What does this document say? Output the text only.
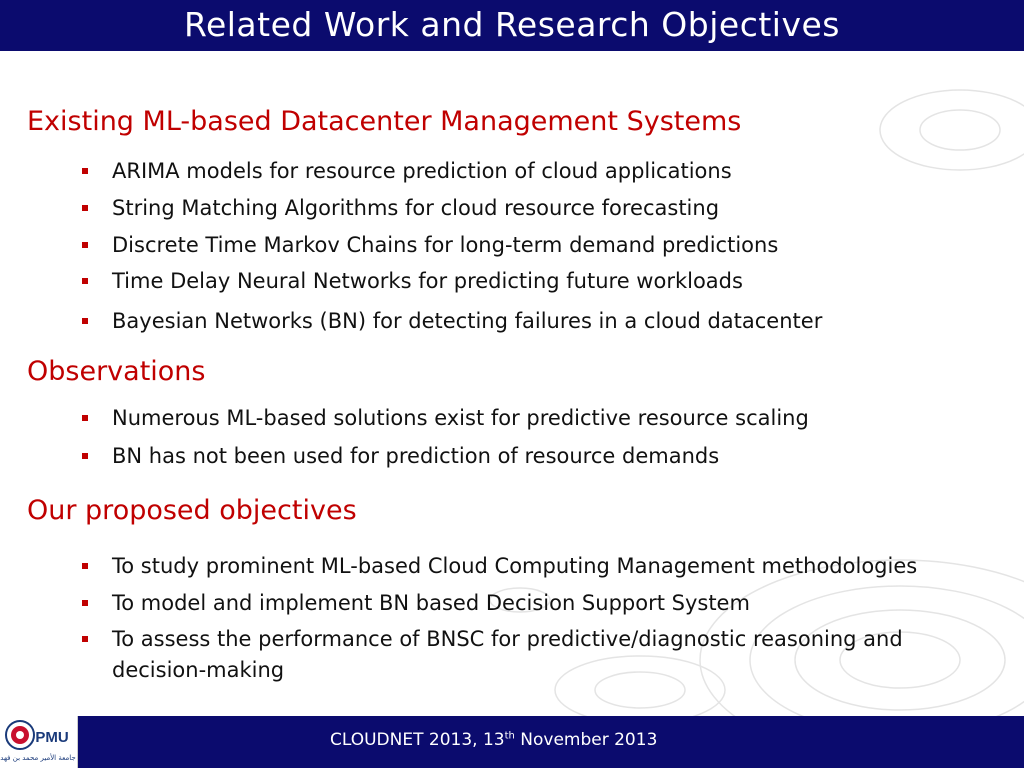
Related Work and Research Objectives
Existing ML-based Datacenter Management Systems
ARIMA models for resource prediction of cloud applications
String Matching Algorithms for cloud resource forecasting
Discrete Time Markov Chains for long-term demand predictions
Time Delay Neural Networks for predicting future workloads
Bayesian Networks (BN) for detecting failures in a cloud datacenter
Observations
Numerous ML-based solutions exist for predictive resource scaling
BN has not been used for prediction of resource demands
Our proposed objectives
To study prominent ML-based Cloud Computing Management methodologies
To model and implement BN based Decision Support System
To assess the performance of BNSC for predictive/diagnostic reasoning and decision-making
PMU
جامعة الأمير محمد بن فهد
CLOUDNET 2013, 13th November 2013
